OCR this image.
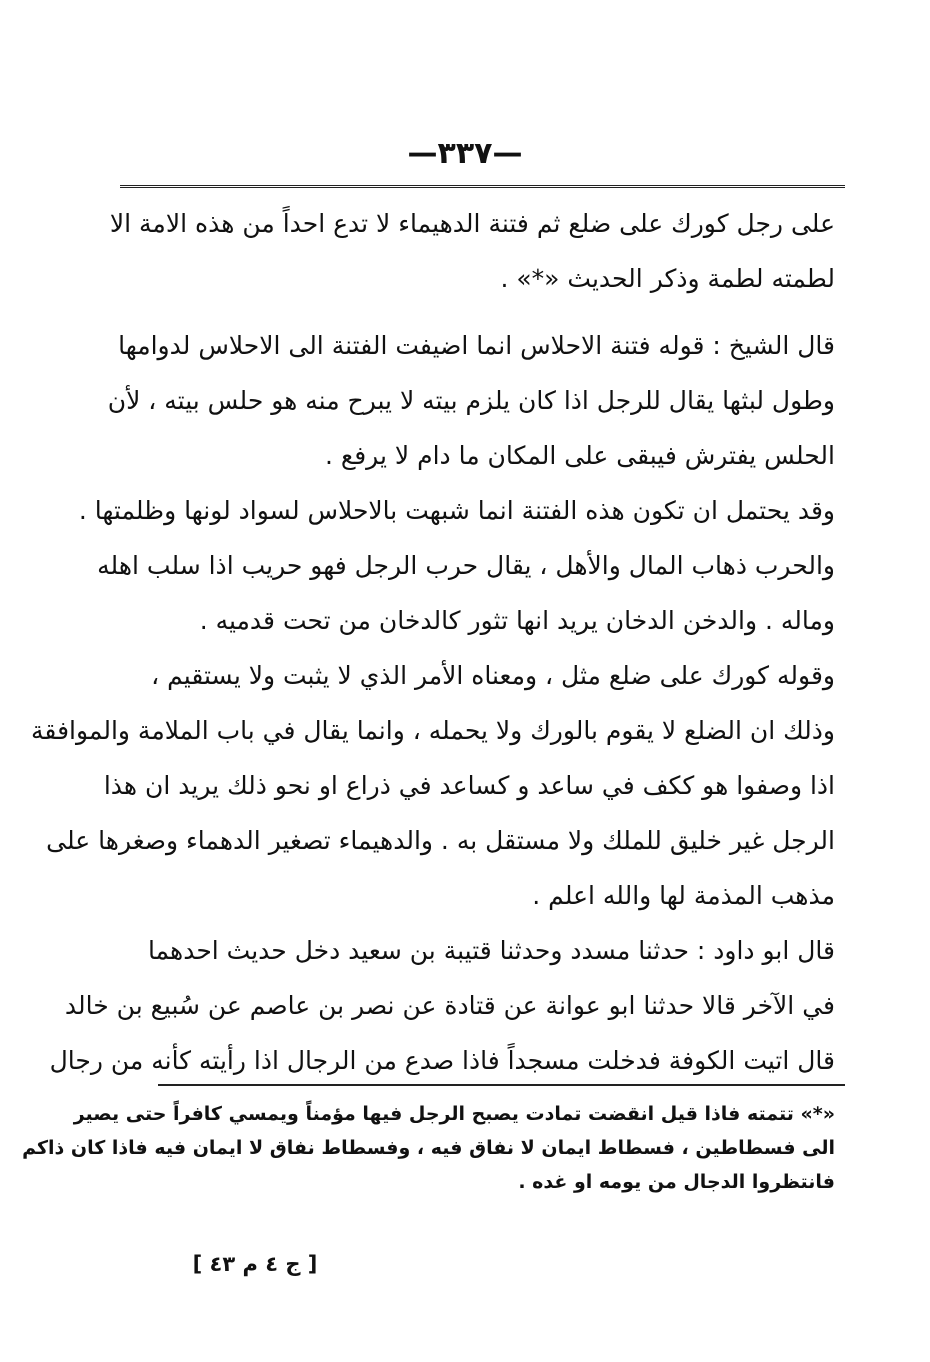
—٣٣٧—
على رجل كورك على ضلع ثم فتنة الدهيماء لا تدع احداً من هذه الامة الا
لطمته لطمة وذكر الحديث «*» .
قال الشيخ : قوله فتنة الاحلاس انما اضيفت الفتنة الى الاحلاس لدوامها
وطول لبثها يقال للرجل اذا كان يلزم بيته لا يبرح منه هو حلس بيته ، لأن
الحلس يفترش فيبقى على المكان ما دام لا يرفع .
وقد يحتمل ان تكون هذه الفتنة انما شبهت بالاحلاس لسواد لونها وظلمتها .
والحرب ذهاب المال والأهل ، يقال حرب الرجل فهو حريب اذا سلب اهله
وماله . والدخن الدخان يريد انها تثور كالدخان من تحت قدميه .
وقوله كورك على ضلع مثل ، ومعناه الأمر الذي لا يثبت ولا يستقيم ،
وذلك ان الضلع لا يقوم بالورك ولا يحمله ، وانما يقال في باب الملامة والموافقة
اذا وصفوا هو ككف في ساعد و كساعد في ذراع او نحو ذلك يريد ان هذا
الرجل غير خليق للملك ولا مستقل به . والدهيماء تصغير الدهماء وصغرها على
مذهب المذمة لها والله اعلم .
قال ابو داود : حدثنا مسدد وحدثنا قتيبة بن سعيد دخل حديث احدهما
في الآخر قالا حدثنا ابو عوانة عن قتادة عن نصر بن عاصم عن سُبيع بن خالد
قال اتيت الكوفة فدخلت مسجداً فاذا صدع من الرجال اذا رأيته كأنه من رجال
«*» تتمته فاذا قيل انقضت تمادت يصبح الرجل فيها مؤمناً ويمسي كافراً حتى يصير
الى فسطاطين ، فسطاط ايمان لا نفاق فيه ، وفسطاط نفاق لا ايمان فيه فاذا كان ذاكم
فانتظروا الدجال من يومه او غده .
[ ج ٤ م ٤٣ ]
